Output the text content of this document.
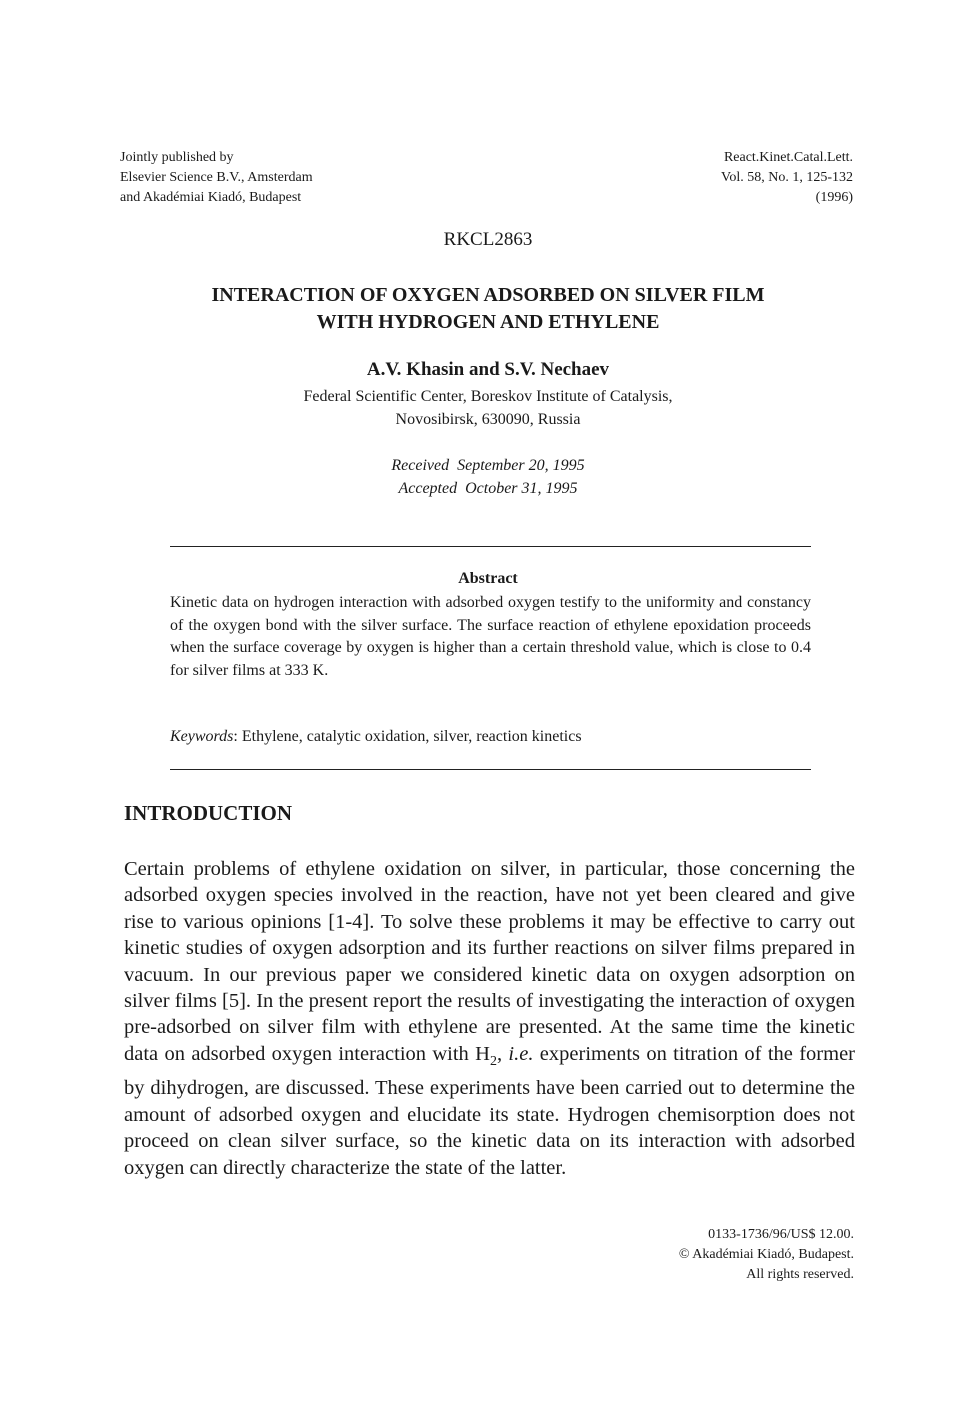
Jointly published by
Elsevier Science B.V., Amsterdam
and Akadémiai Kiadó, Budapest
React.Kinet.Catal.Lett.
Vol. 58, No. 1, 125-132
(1996)
RKCL2863
INTERACTION OF OXYGEN ADSORBED ON SILVER FILM
WITH HYDROGEN AND ETHYLENE
A.V. Khasin and S.V. Nechaev
Federal Scientific Center, Boreskov Institute of Catalysis,
Novosibirsk, 630090, Russia
Received  September 20, 1995
Accepted  October 31, 1995
Abstract

Kinetic data on hydrogen interaction with adsorbed oxygen testify to the uniformity and constancy of the oxygen bond with the silver surface. The surface reaction of ethylene epoxidation proceeds when the surface coverage by oxygen is higher than a certain threshold value, which is close to 0.4 for silver films at 333 K.

Keywords: Ethylene, catalytic oxidation, silver, reaction kinetics
INTRODUCTION

Certain problems of ethylene oxidation on silver, in particular, those concerning the adsorbed oxygen species involved in the reaction, have not yet been cleared and give rise to various opinions [1-4]. To solve these problems it may be effective to carry out kinetic studies of oxygen adsorption and its further reactions on silver films prepared in vacuum. In our previous paper we considered kinetic data on oxygen adsorption on silver films [5]. In the present report the results of investigating the interaction of oxygen pre-adsorbed on silver film with ethylene are presented. At the same time the kinetic data on adsorbed oxygen interaction with $H_2$, i.e. experiments on titration of the former by dihydrogen, are discussed. These experiments have been carried out to determine the amount of adsorbed oxygen and elucidate its state. Hydrogen chemisorption does not proceed on clean silver surface, so the kinetic data on its interaction with adsorbed oxygen can directly characterize the state of the latter.

0133-1736/96/US$ 12.00.
© Akadémiai Kiadó, Budapest.
All rights reserved.
